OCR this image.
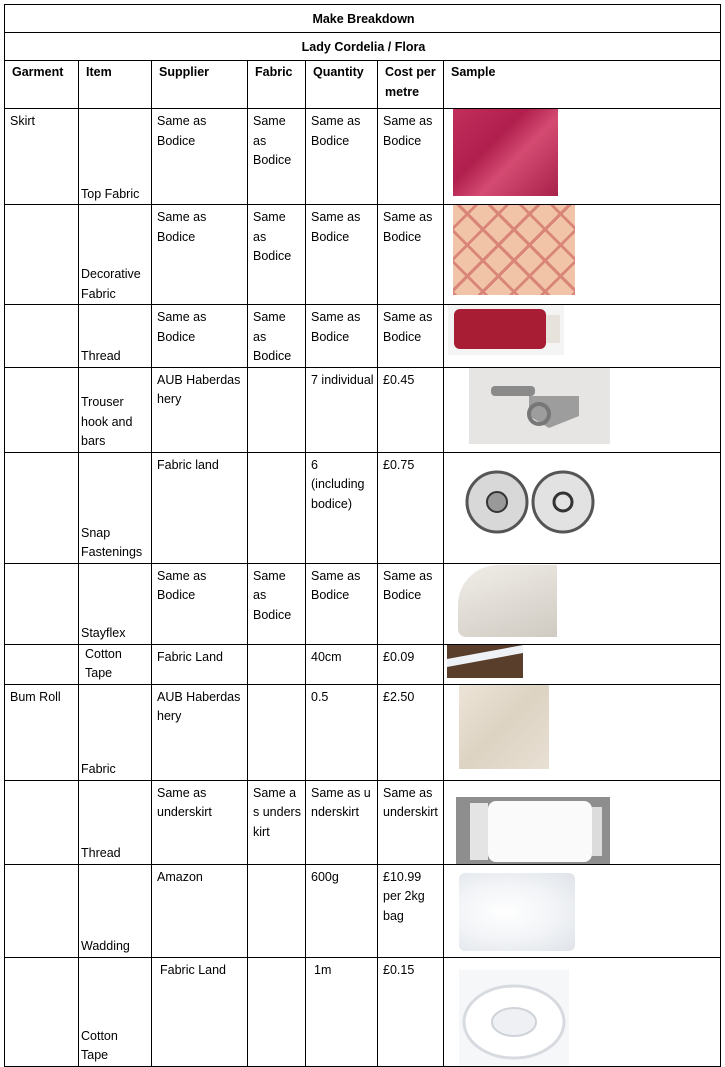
Make Breakdown						
Lady Cordelia / Flora						
Garment	Item	Supplier	Fabric	Quantity	Cost per metre	Sample
Skirt	Top Fabric	Same as Bodice	Same as Bodice	Same as Bodice	Same as Bodice	

	Decorative Fabric	Same as Bodice	Same as Bodice	Same as Bodice	Same as Bodice	

	Thread	Same as Bodice	Same as Bodice	Same as Bodice	Same as Bodice	

	Trouser hook and bars	AUB Haberdashery		7 individual	£0.45	

	Snap Fastenings	Fabric land		6 (including bodice)	£0.75	

	Stayflex	Same as Bodice	Same as Bodice	Same as Bodice	Same as Bodice	

	Cotton Tape	Fabric Land		40cm	£0.09	

Bum Roll	Fabric	AUB Haberdashery		0.5	£2.50	

	Thread	Same as underskirt	Same as underskirt	Same as underskirt	Same as underskirt	

	Wadding	Amazon		600g	£10.99 per 2kg bag	

	Cotton Tape	Fabric Land		1m	£0.15	
